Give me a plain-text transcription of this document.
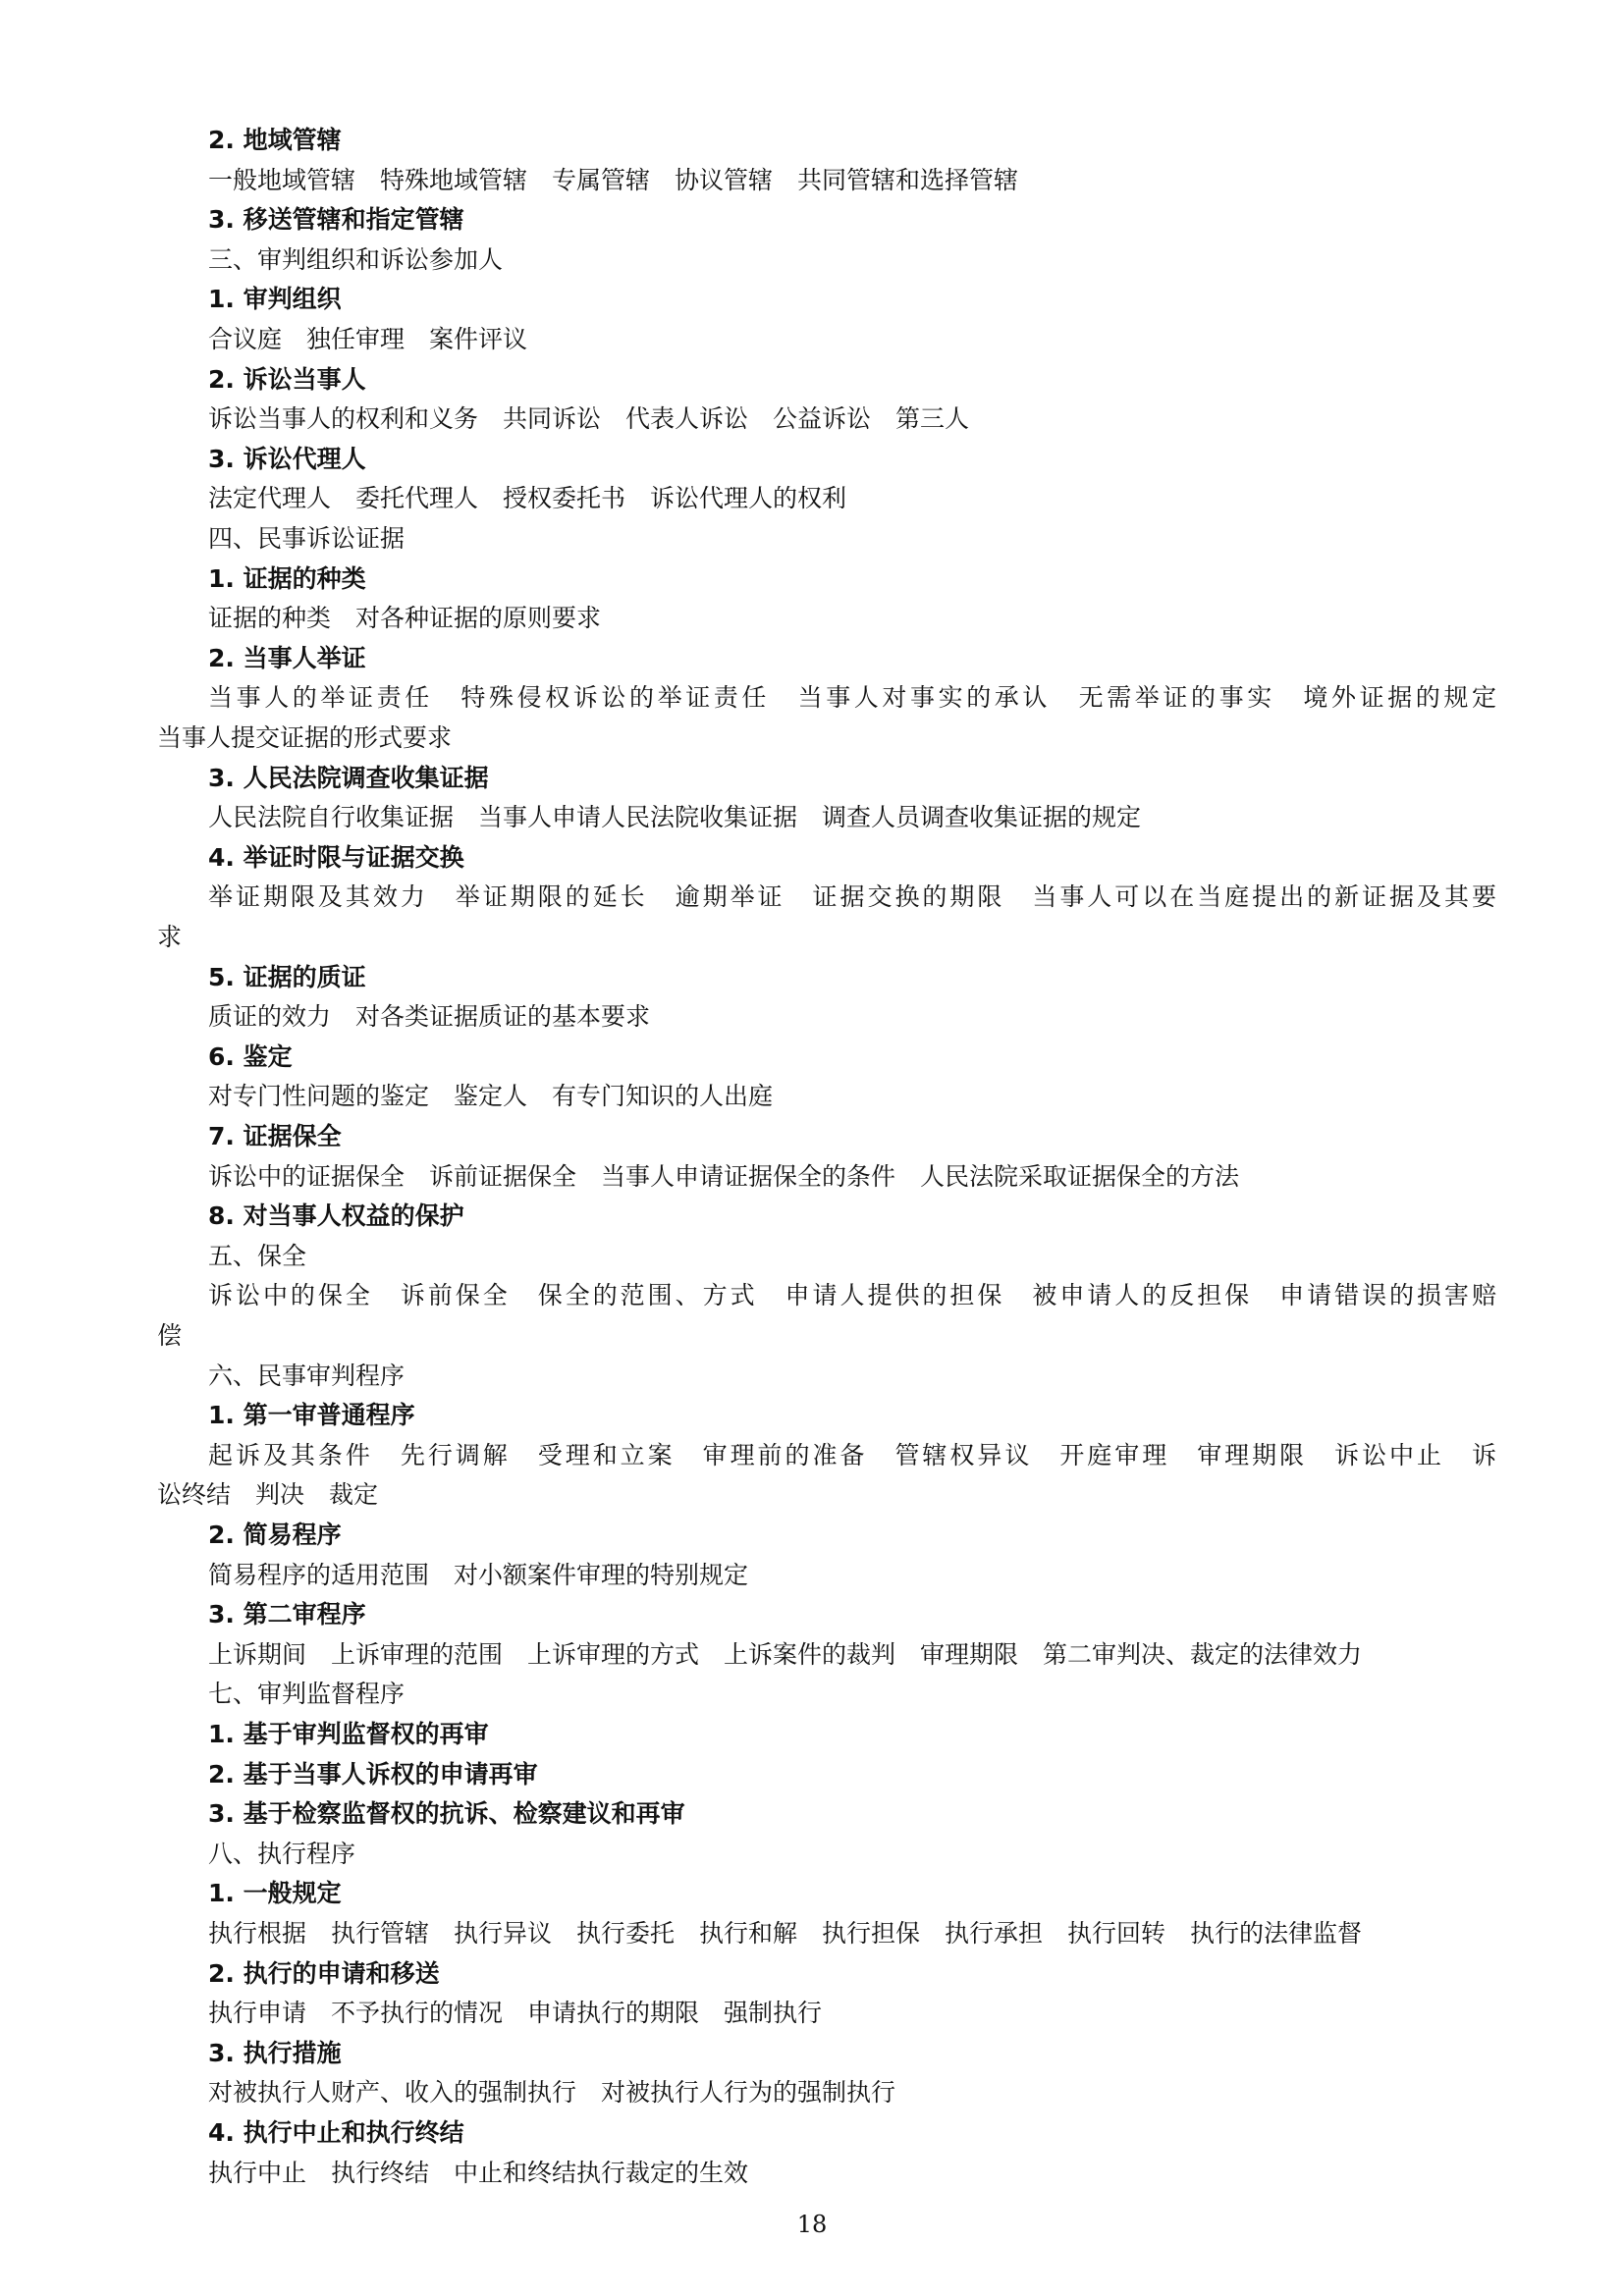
2. 地域管辖
一般地域管辖　特殊地域管辖　专属管辖　协议管辖　共同管辖和选择管辖
3. 移送管辖和指定管辖
三、审判组织和诉讼参加人
1. 审判组织
合议庭　独任审理　案件评议
2. 诉讼当事人
诉讼当事人的权利和义务　共同诉讼　代表人诉讼　公益诉讼　第三人
3. 诉讼代理人
法定代理人　委托代理人　授权委托书　诉讼代理人的权利
四、民事诉讼证据
1. 证据的种类
证据的种类　对各种证据的原则要求
2. 当事人举证
当事人的举证责任　特殊侵权诉讼的举证责任　当事人对事实的承认　无需举证的事实　境外证据的规定
当事人提交证据的形式要求
3. 人民法院调查收集证据
人民法院自行收集证据　当事人申请人民法院收集证据　调查人员调查收集证据的规定
4. 举证时限与证据交换
举证期限及其效力　举证期限的延长　逾期举证　证据交换的期限　当事人可以在当庭提出的新证据及其要
求
5. 证据的质证
质证的效力　对各类证据质证的基本要求
6. 鉴定
对专门性问题的鉴定　鉴定人　有专门知识的人出庭
7. 证据保全
诉讼中的证据保全　诉前证据保全　当事人申请证据保全的条件　人民法院采取证据保全的方法
8. 对当事人权益的保护
五、保全
诉讼中的保全　诉前保全　保全的范围、方式　申请人提供的担保　被申请人的反担保　申请错误的损害赔
偿
六、民事审判程序
1. 第一审普通程序
起诉及其条件　先行调解　受理和立案　审理前的准备　管辖权异议　开庭审理　审理期限　诉讼中止　诉
讼终结　判决　裁定
2. 简易程序
简易程序的适用范围　对小额案件审理的特别规定
3. 第二审程序
上诉期间　上诉审理的范围　上诉审理的方式　上诉案件的裁判　审理期限　第二审判决、裁定的法律效力
七、审判监督程序
1. 基于审判监督权的再审
2. 基于当事人诉权的申请再审
3. 基于检察监督权的抗诉、检察建议和再审
八、执行程序
1. 一般规定
执行根据　执行管辖　执行异议　执行委托　执行和解　执行担保　执行承担　执行回转　执行的法律监督
2. 执行的申请和移送
执行申请　不予执行的情况　申请执行的期限　强制执行
3. 执行措施
对被执行人财产、收入的强制执行　对被执行人行为的强制执行
4. 执行中止和执行终结
执行中止　执行终结　中止和终结执行裁定的生效
18
